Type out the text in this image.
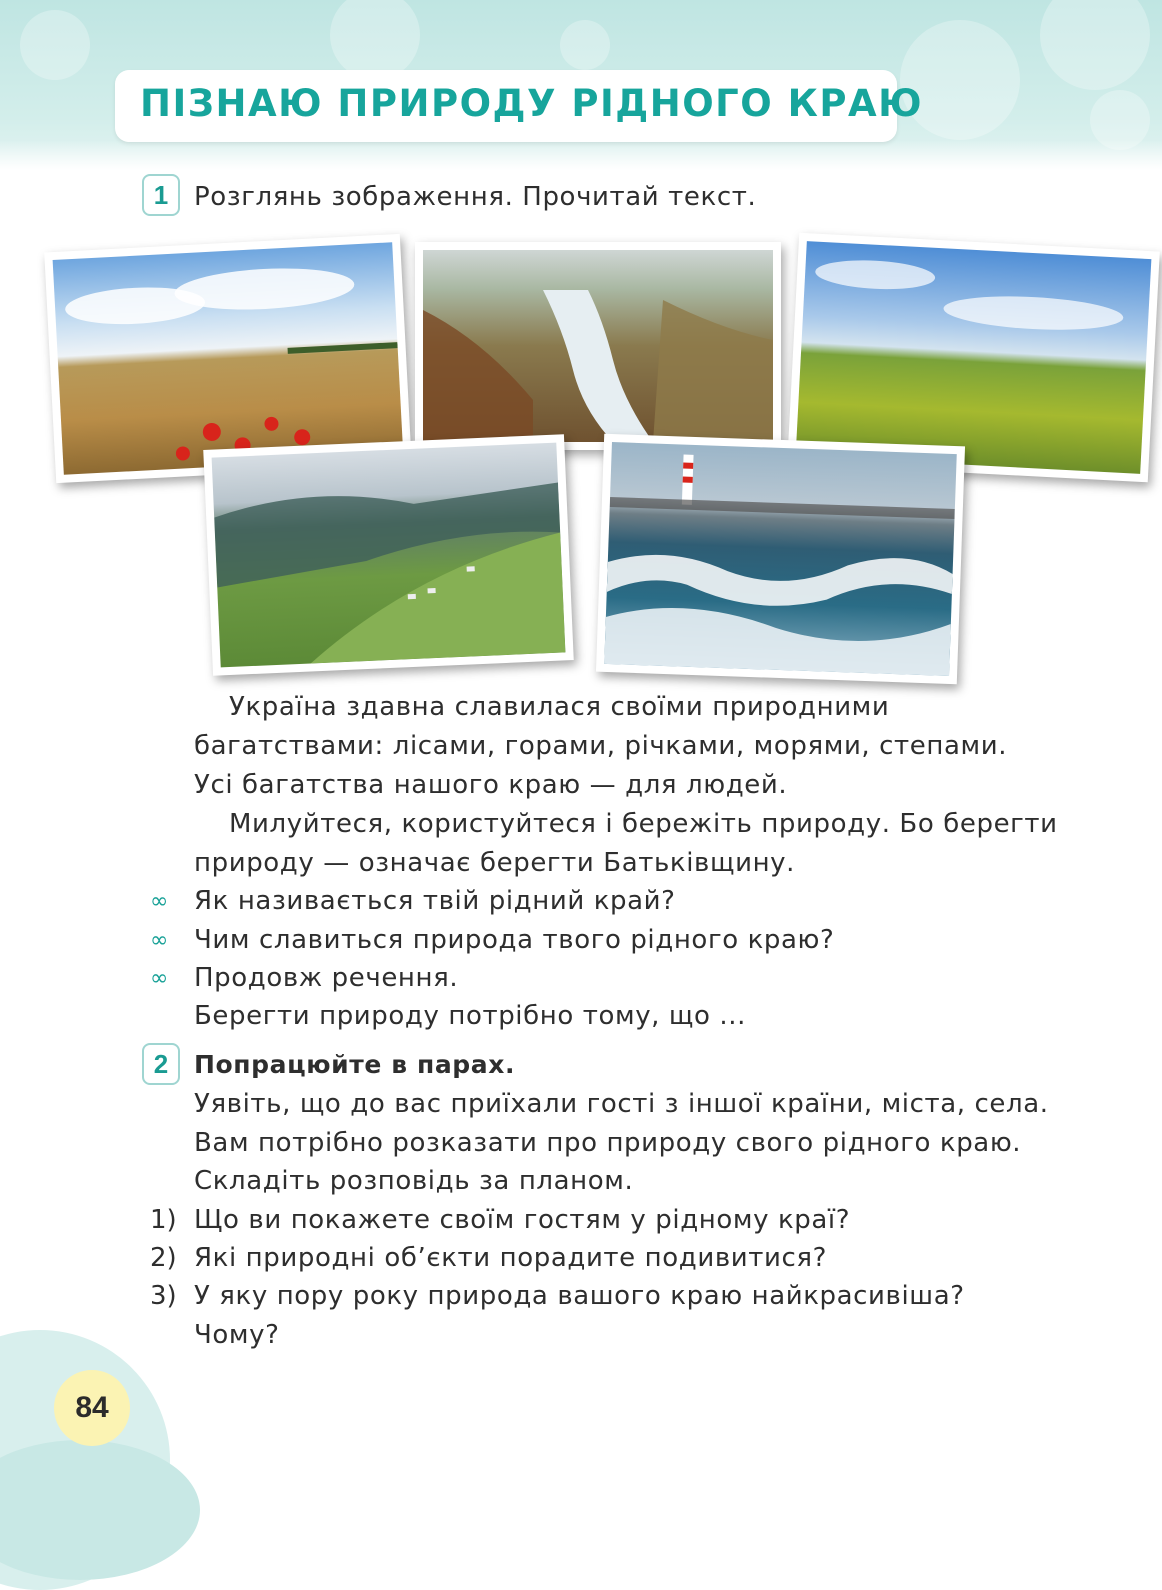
ПІЗНАЮ ПРИРОДУ РІДНОГО КРАЮ
1 Розглянь зображення. Прочитай текст.
Україна здавна славилася своїми природними
багатствами: лісами, горами, річками, морями, степами.
Усі багатства нашого краю — для людей.
Милуйтеся, користуйтеся і бережіть природу. Бо берегти
природу — означає берегти Батьківщину.
∞ Як називається твій рідний край?
∞ Чим славиться природа твого рідного краю?
∞ Продовж речення.
Берегти природу потрібно тому, що ...
2 Попрацюйте в парах.
Уявіть, що до вас приїхали гості з іншої країни, міста, села.
Вам потрібно розказати про природу свого рідного краю.
Складіть розповідь за планом.
1) Що ви покажете своїм гостям у рідному краї?
2) Які природні об’єкти порадите подивитися?
3) У яку пору року природа вашого краю найкрасивіша?
Чому?
84
